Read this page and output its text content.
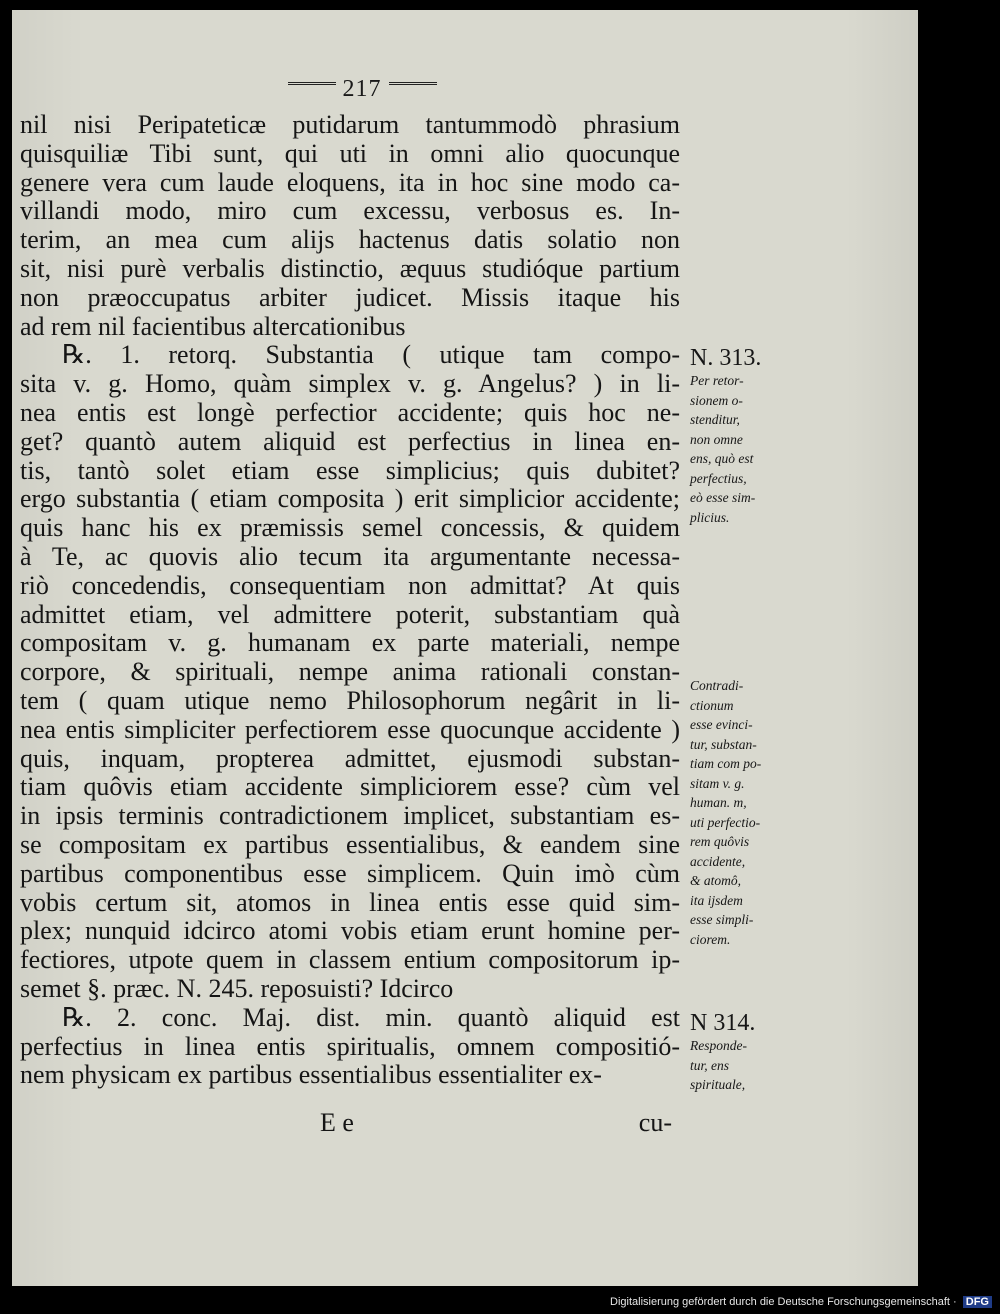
217
nil nisi Peripateticæ putidarum tantummodò phrasium
quisquiliæ Tibi sunt, qui uti in omni alio quocunque
genere vera cum laude eloquens, ita in hoc sine modo ca-
villandi modo, miro cum excessu, verbosus es. In-
terim, an mea cum alijs hactenus datis solatio non
sit, nisi purè verbalis distinctio, æquus studióque partium
non præoccupatus arbiter judicet. Missis itaque his
ad rem nil facientibus altercationibus
℞. 1. retorq. Substantia ( utique tam compo-
sita v. g. Homo, quàm simplex v. g. Angelus? ) in li-
nea entis est longè perfectior accidente; quis hoc ne-
get? quantò autem aliquid est perfectius in linea en-
tis, tantò solet etiam esse simplicius; quis dubitet?
ergo substantia ( etiam composita ) erit simplicior accidente;
quis hanc his ex præmissis semel concessis, & quidem
à Te, ac quovis alio tecum ita argumentante necessa-
riò concedendis, consequentiam non admittat? At quis
admittet etiam, vel admittere poterit, substantiam quà
compositam v. g. humanam ex parte materiali, nempe
corpore, & spirituali, nempe anima rationali constan-
tem ( quam utique nemo Philosophorum negârit in li-
nea entis simpliciter perfectiorem esse quocunque accidente )
quis, inquam, propterea admittet, ejusmodi substan-
tiam quôvis etiam accidente simpliciorem esse? cùm vel
in ipsis terminis contradictionem implicet, substantiam es-
se compositam ex partibus essentialibus, & eandem sine
partibus componentibus esse simplicem. Quin imò cùm
vobis certum sit, atomos in linea entis esse quid sim-
plex; nunquid idcirco atomi vobis etiam erunt homine per-
fectiores, utpote quem in classem entium compositorum ip-
semet §. præc. N. 245. reposuisti? Idcirco
℞. 2. conc. Maj. dist. min. quantò aliquid est
perfectius in linea entis spiritualis, omnem compositió-
nem physicam ex partibus essentialibus essentialiter ex-
E e	cu-
N. 313.
Per retor-
sionem o-
stenditur,
non omne
ens, quò est
perfectius,
eò esse sim-
plicius.
Contradi-
ctionum
esse evinci-
tur, substan-
tiam com po-
sitam v. g.
human. m,
uti perfectio-
rem quôvis
accidente,
& atomô,
ita ijsdem
esse simpli-
ciorem.
N 314.
Responde-
tur, ens
spirituale,
Digitalisierung gefördert durch die Deutsche Forschungsgemeinschaft · DFG
